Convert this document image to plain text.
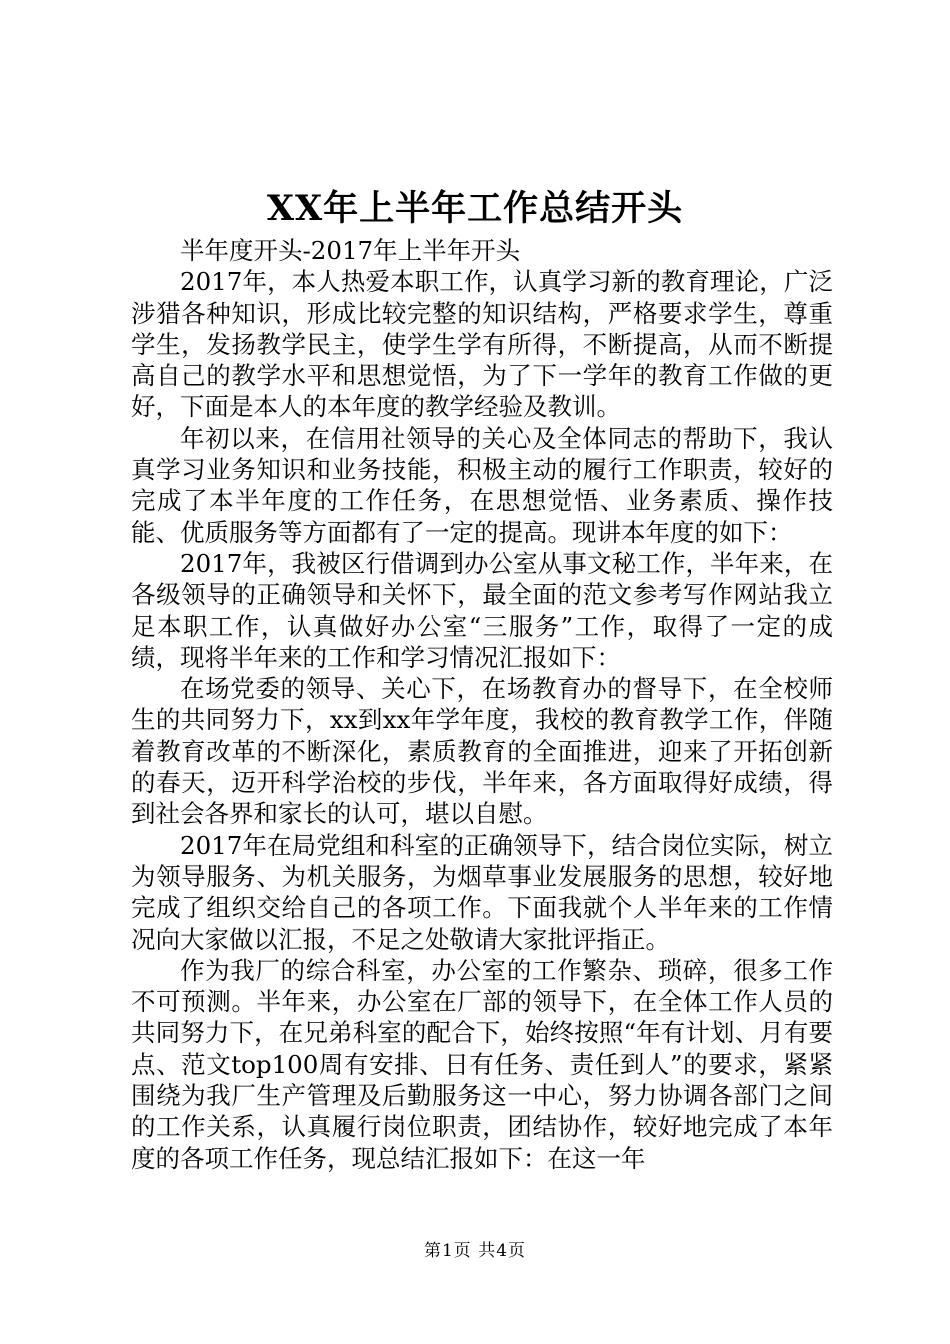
XX年上半年工作总结开头

半年度开头-2017年上半年开头

2017年，本人热爱本职工作，认真学习新的教育理论，广泛涉猎各种知识，形成比较完整的知识结构，严格要求学生，尊重学生，发扬教学民主，使学生学有所得，不断提高，从而不断提高自己的教学水平和思想觉悟，为了下一学年的教育工作做的更好，下面是本人的本年度的教学经验及教训。

年初以来，在信用社领导的关心及全体同志的帮助下，我认真学习业务知识和业务技能，积极主动的履行工作职责，较好的完成了本半年度的工作任务，在思想觉悟、业务素质、操作技能、优质服务等方面都有了一定的提高。现讲本年度的如下：

2017年，我被区行借调到办公室从事文秘工作，半年来，在各级领导的正确领导和关怀下，最全面的范文参考写作网站我立足本职工作，认真做好办公室“三服务”工作，取得了一定的成绩，现将半年来的工作和学习情况汇报如下：

在场党委的领导、关心下，在场教育办的督导下，在全校师生的共同努力下，xx到xx年学年度，我校的教育教学工作，伴随着教育改革的不断深化，素质教育的全面推进，迎来了开拓创新的春天，迈开科学治校的步伐，半年来，各方面取得好成绩，得到社会各界和家长的认可，堪以自慰。

2017年在局党组和科室的正确领导下，结合岗位实际，树立为领导服务、为机关服务，为烟草事业发展服务的思想，较好地完成了组织交给自己的各项工作。下面我就个人半年来的工作情况向大家做以汇报，不足之处敬请大家批评指正。

作为我厂的综合科室，办公室的工作繁杂、琐碎，很多工作不可预测。半年来，办公室在厂部的领导下，在全体工作人员的共同努力下，在兄弟科室的配合下，始终按照“年有计划、月有要点、范文top100周有安排、日有任务、责任到人”的要求，紧紧围绕为我厂生产管理及后勤服务这一中心，努力协调各部门之间的工作关系，认真履行岗位职责，团结协作，较好地完成了本年度的各项工作任务，现总结汇报如下：在这一年

第1页 共4页
